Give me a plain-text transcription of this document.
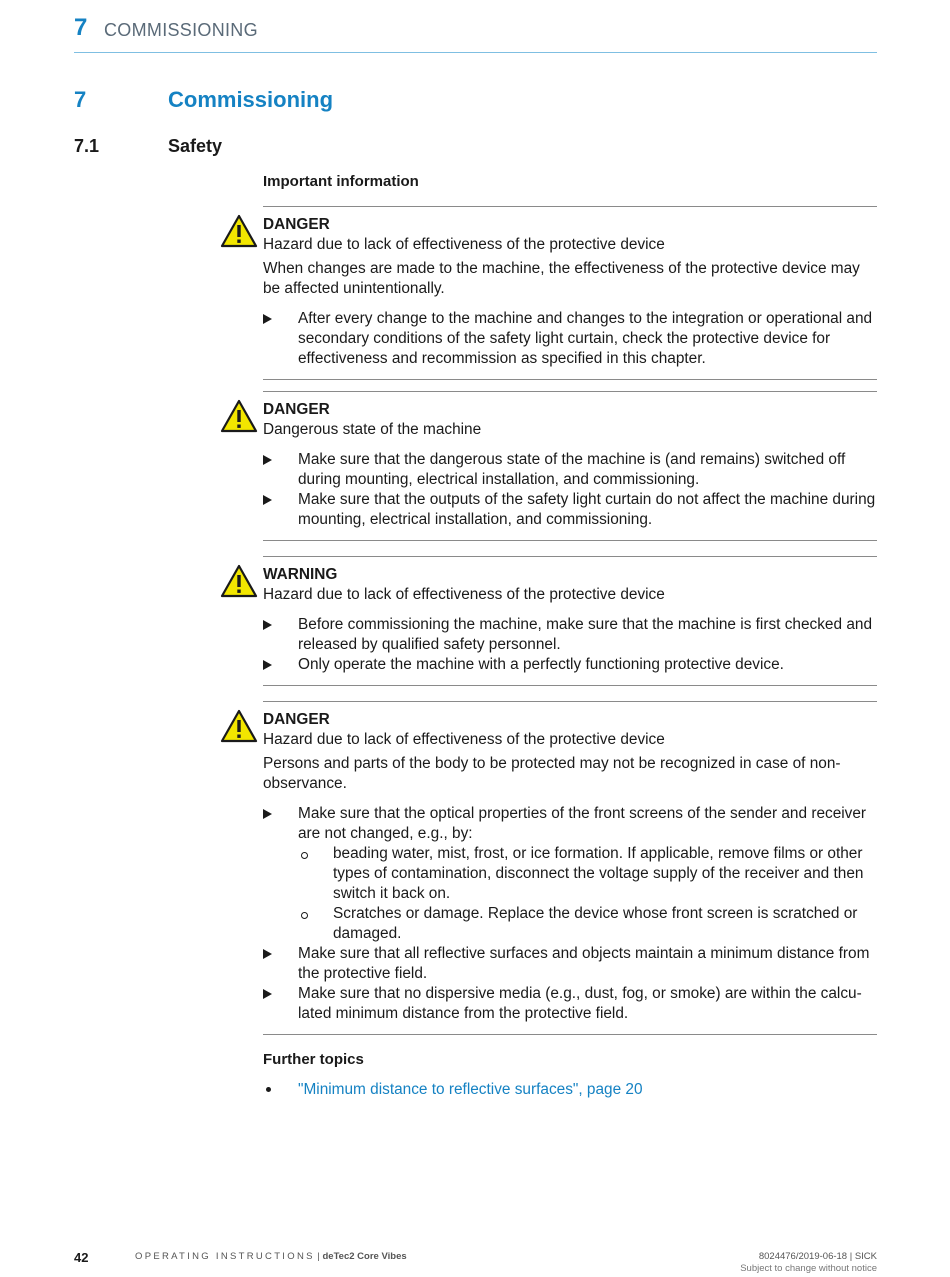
7 COMMISSIONING
7	Commissioning
7.1	Safety
Important information
DANGER
Hazard due to lack of effectiveness of the protective device
When changes are made to the machine, the effectiveness of the protective device may be affected unintentionally.
After every change to the machine and changes to the integration or operational and secondary conditions of the safety light curtain, check the protective device for effectiveness and recommission as specified in this chapter.
DANGER
Dangerous state of the machine
Make sure that the dangerous state of the machine is (and remains) switched off during mounting, electrical installation, and commissioning.
Make sure that the outputs of the safety light curtain do not affect the machine during mounting, electrical installation, and commissioning.
WARNING
Hazard due to lack of effectiveness of the protective device
Before commissioning the machine, make sure that the machine is first checked and released by qualified safety personnel.
Only operate the machine with a perfectly functioning protective device.
DANGER
Hazard due to lack of effectiveness of the protective device
Persons and parts of the body to be protected may not be recognized in case of non-observance.
Make sure that the optical properties of the front screens of the sender and receiver are not changed, e.g., by:
beading water, mist, frost, or ice formation. If applicable, remove films or other types of contamination, disconnect the voltage supply of the receiver and then switch it back on.
Scratches or damage. Replace the device whose front screen is scratched or damaged.
Make sure that all reflective surfaces and objects maintain a minimum distance from the protective field.
Make sure that no dispersive media (e.g., dust, fog, or smoke) are within the calcu-lated minimum distance from the protective field.
Further topics
"Minimum distance to reflective surfaces", page 20
42	OPERATING INSTRUCTIONS | deTec2 Core Vibes	8024476/2019-06-18 | SICK
Subject to change without notice
